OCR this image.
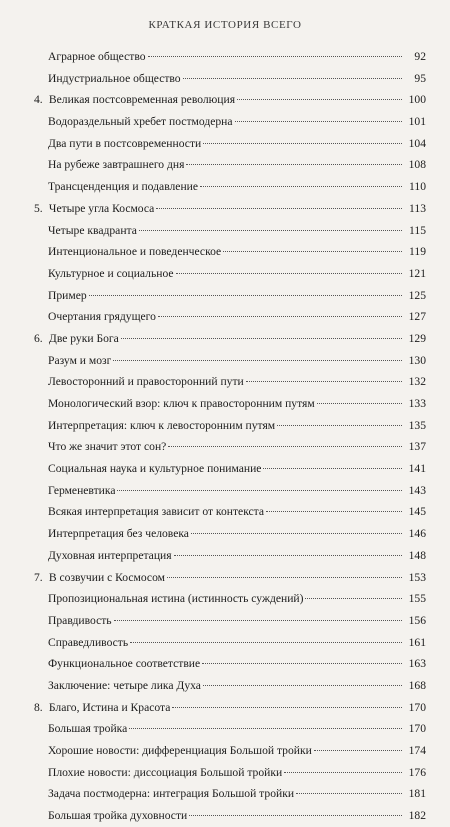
КРАТКАЯ ИСТОРИЯ ВСЕГО
Аграрное общество	92
Индустриальное общество	95
4. Великая постсовременная революция	100
Водораздельный хребет постмодерна	101
Два пути в постсовременности	104
На рубеже завтрашнего дня	108
Трансценденция и подавление	110
5. Четыре угла Космоса	113
Четыре квадранта	115
Интенциональное и поведенческое	119
Культурное и социальное	121
Пример	125
Очертания грядущего	127
6. Две руки Бога	129
Разум и мозг	130
Левосторонний и правосторонний пути	132
Монологический взор: ключ к правосторонним путям	133
Интерпретация: ключ к левосторонним путям	135
Что же значит этот сон?	137
Социальная наука и культурное понимание	141
Герменевтика	143
Всякая интерпретация зависит от контекста	145
Интерпретация без человека	146
Духовная интерпретация	148
7. В созвучии с Космосом	153
Пропозициональная истина (истинность суждений)	155
Правдивость	156
Справедливость	161
Функциональное соответствие	163
Заключение: четыре лика Духа	168
8. Благо, Истина и Красота	170
Большая тройка	170
Хорошие новости: дифференциация Большой тройки	174
Плохие новости: диссоциация Большой тройки	176
Задача постмодерна: интеграция Большой тройки	181
Большая тройка духовности	182
